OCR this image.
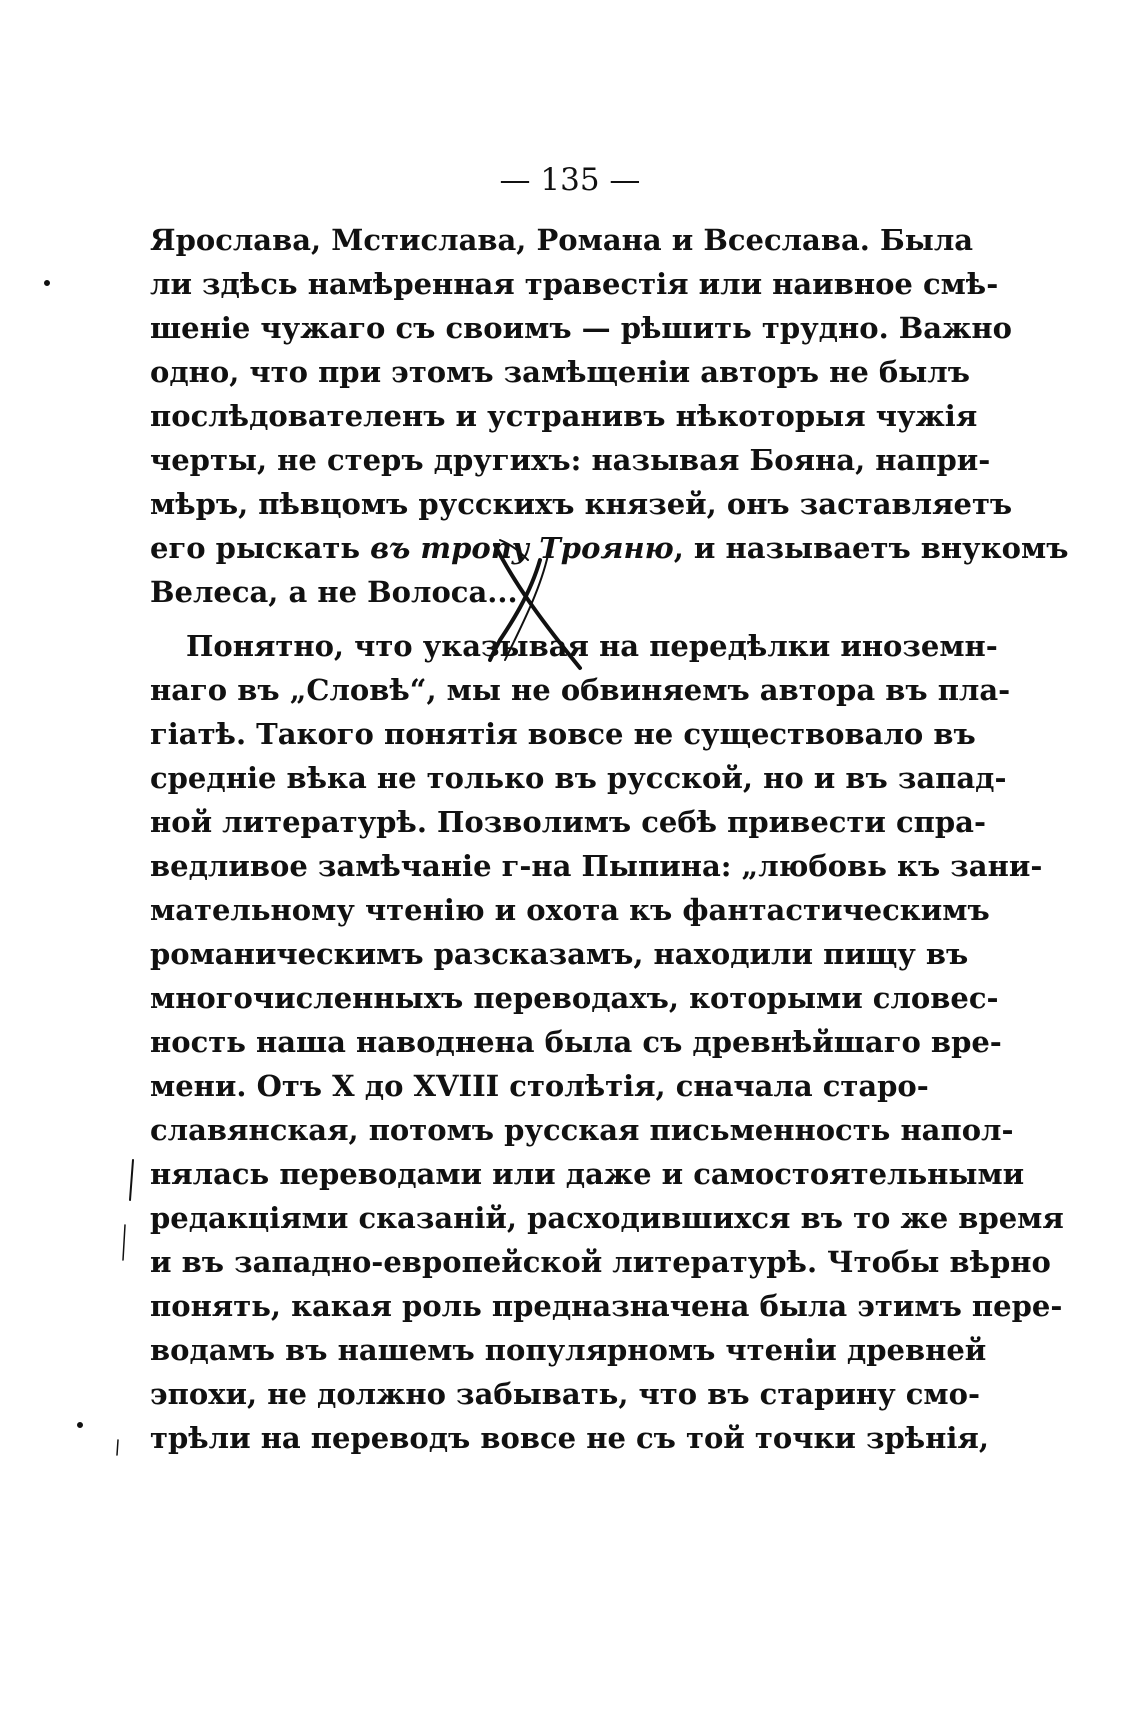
— 135 —
Ярослава, Мстислава, Романа и Всеслава. Была
ли здѣсь намѣренная травестія или наивное смѣ-
шеніе чужаго съ своимъ — рѣшить трудно. Важно
одно, что при этомъ замѣщеніи авторъ не былъ
послѣдователенъ и устранивъ нѣкоторыя чужія
черты, не стеръ другихъ: называя Бояна, напри-
мѣръ, пѣвцомъ русскихъ князей, онъ заставляетъ
его рыскать въ тропу Трояню, и называетъ внукомъ
Велеса, а не Волоса...
Понятно, что указывая на передѣлки иноземн-
наго въ „Словѣ“, мы не обвиняемъ автора въ пла-
гіатѣ. Такого понятія вовсе не существовало въ
средніе вѣка не только въ русской, но и въ запад-
ной литературѣ. Позволимъ себѣ привести спра-
ведливое замѣчаніе г-на Пыпина: „любовь къ зани-
мательному чтенію и охота къ фантастическимъ
романическимъ разсказамъ, находили пищу въ
многочисленныхъ переводахъ, которыми словес-
ность наша наводнена была съ древнѣйшаго вре-
мени. Отъ X до XVIII столѣтія, сначала старо-
славянская, потомъ русская письменность напол-
нялась переводами или даже и самостоятельными
редакціями сказаній, расходившихся въ то же время
и въ западно-европейской литературѣ. Чтобы вѣрно
понять, какая роль предназначена была этимъ пере-
водамъ въ нашемъ популярномъ чтеніи древней
эпохи, не должно забывать, что въ старину смо-
трѣли на переводъ вовсе не съ той точки зрѣнія,
